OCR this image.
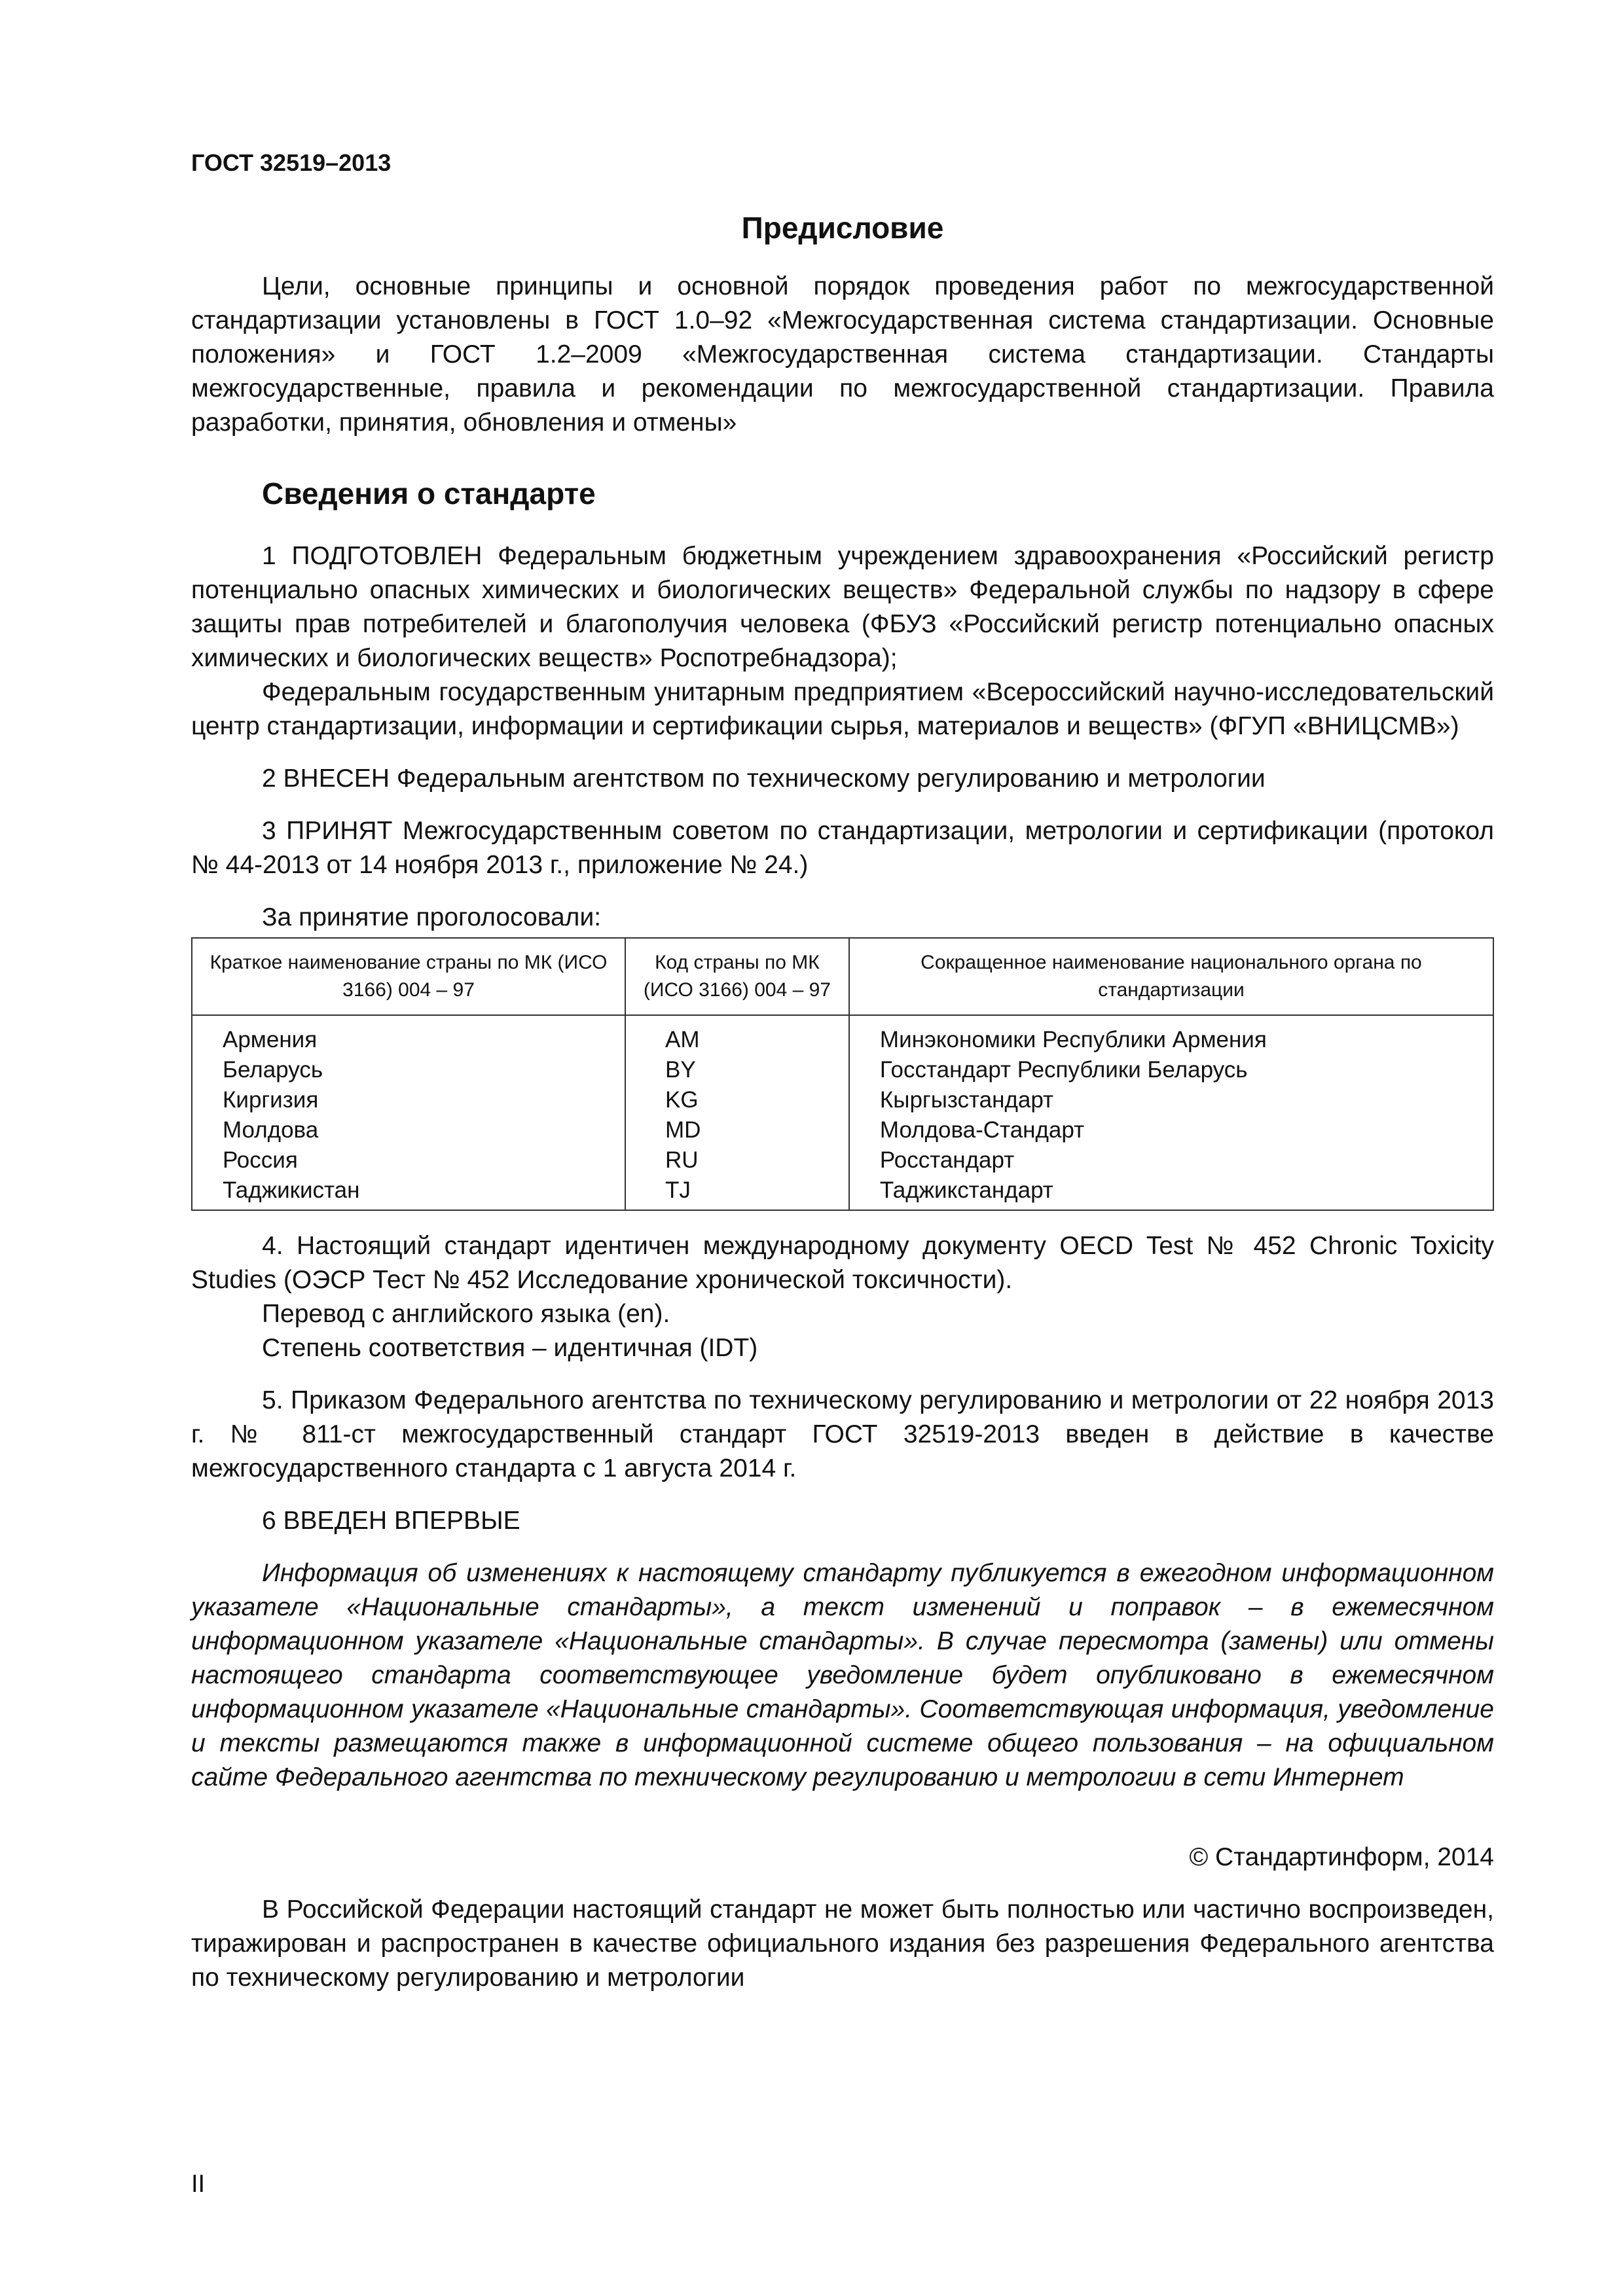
ГОСТ 32519–2013
Предисловие

Цели, основные принципы и основной порядок проведения работ по межгосударственной стандартизации установлены в ГОСТ 1.0–92 «Межгосударственная система стандартизации. Основные положения» и ГОСТ 1.2–2009 «Межгосударственная система стандартизации. Стандарты межгосударственные, правила и рекомендации по межгосударственной стандартизации. Правила разработки, принятия, обновления и отмены»

Сведения о стандарте

1 ПОДГОТОВЛЕН Федеральным бюджетным учреждением здравоохранения «Российский регистр потенциально опасных химических и биологических веществ» Федеральной службы по надзору в сфере защиты прав потребителей и благополучия человека (ФБУЗ «Российский регистр потенциально опасных химических и биологических веществ» Роспотребнадзора);

Федеральным государственным унитарным предприятием «Всероссийский научно-исследовательский центр стандартизации, информации и сертификации сырья, материалов и веществ» (ФГУП «ВНИЦСМВ»)

2 ВНЕСЕН Федеральным агентством по техническому регулированию и метрологии

3 ПРИНЯТ Межгосударственным советом по стандартизации, метрологии и сертификации (протокол № 44-2013 от 14 ноября 2013 г., приложение № 24.)

За принятие проголосовали:

Краткое наименование страны по МК (ИСО 3166) 004 – 97	Код страны по МК (ИСО 3166) 004 – 97	Сокращенное наименование национального органа по стандартизации
Армения	AM	Минэкономики Республики Армения
Беларусь	BY	Госстандарт Республики Беларусь
Киргизия	KG	Кыргызстандарт
Молдова	MD	Молдова-Стандарт
Россия	RU	Росстандарт
Таджикистан	TJ	Таджикстандарт

4. Настоящий стандарт идентичен международному документу OECD Test № 452 Chronic Toxicity Studies (ОЭСР Тест № 452 Исследование хронической токсичности).

Перевод с английского языка (en).

Степень соответствия – идентичная (IDT)

5. Приказом Федерального агентства по техническому регулированию и метрологии от 22 ноября 2013 г. № 811-ст межгосударственный стандарт ГОСТ 32519-2013 введен в действие в качестве межгосударственного стандарта с 1 августа 2014 г.

6 ВВЕДЕН ВПЕРВЫЕ

Информация об изменениях к настоящему стандарту публикуется в ежегодном информационном указателе «Национальные стандарты», а текст изменений и поправок – в ежемесячном информационном указателе «Национальные стандарты». В случае пересмотра (замены) или отмены настоящего стандарта соответствующее уведомление будет опубликовано в ежемесячном информационном указателе «Национальные стандарты». Соответствующая информация, уведомление и тексты размещаются также в информационной системе общего пользования – на официальном сайте Федерального агентства по техническому регулированию и метрологии в сети Интернет

© Стандартинформ, 2014

В Российской Федерации настоящий стандарт не может быть полностью или частично воспроизведен, тиражирован и распространен в качестве официального издания без разрешения Федерального агентства по техническому регулированию и метрологии

II
